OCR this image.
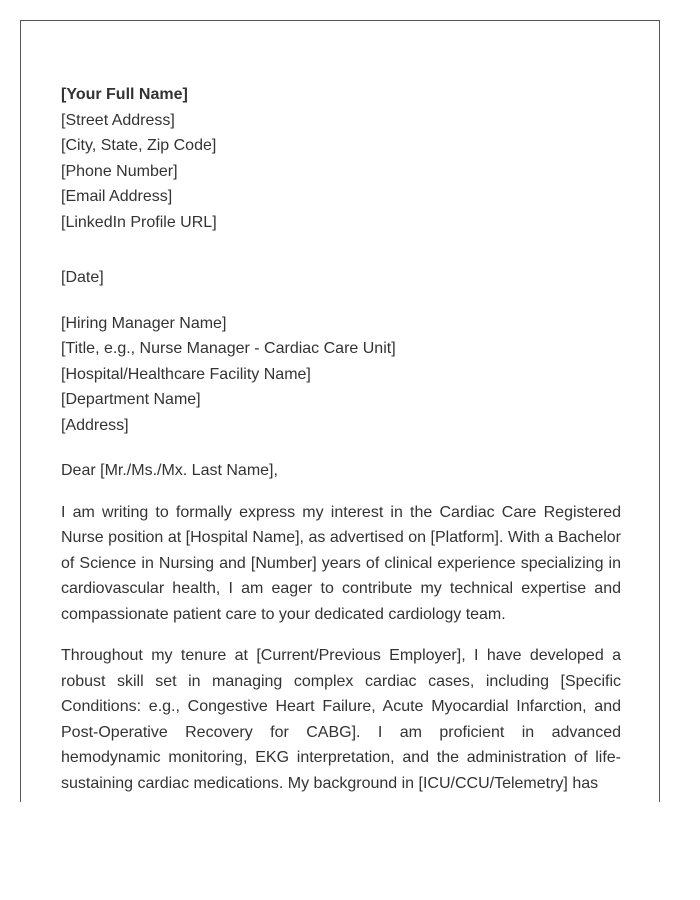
[Your Full Name]
[Street Address]
[City, State, Zip Code]
[Phone Number]
[Email Address]
[LinkedIn Profile URL]
[Date]
[Hiring Manager Name]
[Title, e.g., Nurse Manager - Cardiac Care Unit]
[Hospital/Healthcare Facility Name]
[Department Name]
[Address]
Dear [Mr./Ms./Mx. Last Name],

I am writing to formally express my interest in the Cardiac Care Registered Nurse position at [Hospital Name], as advertised on [Platform]. With a Bachelor of Science in Nursing and [Number] years of clinical experience specializing in cardiovascular health, I am eager to contribute my technical expertise and compassionate patient care to your dedicated cardiology team.

Throughout my tenure at [Current/Previous Employer], I have developed a robust skill set in managing complex cardiac cases, including [Specific Conditions: e.g., Congestive Heart Failure, Acute Myocardial Infarction, and Post-Operative Recovery for CABG]. I am proficient in advanced hemodynamic monitoring, EKG interpretation, and the administration of life-sustaining cardiac medications. My background in [ICU/CCU/Telemetry] has
